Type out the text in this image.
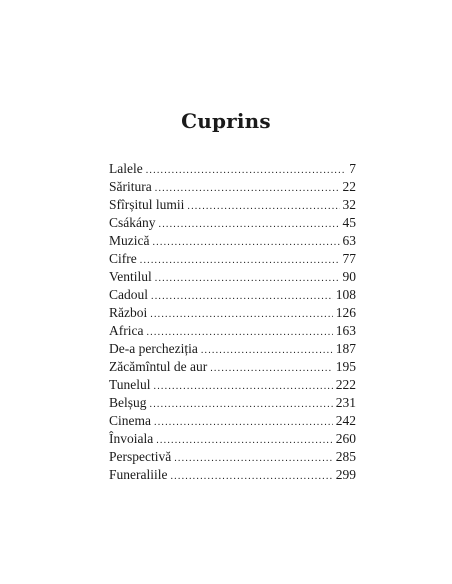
Cuprins
Lalele .....	7
Săritura .....	22
Sfîrșitul lumii .....	32
Csákány .....	45
Muzică .....	63
Cifre .....	77
Ventilul .....	90
Cadoul .....	108
Război .....	126
Africa .....	163
De-a percheziția .....	187
Zăcămîntul de aur .....	195
Tunelul .....	222
Belșug .....	231
Cinema .....	242
Învoiala .....	260
Perspectivă .....	285
Funeraliile .....	299
